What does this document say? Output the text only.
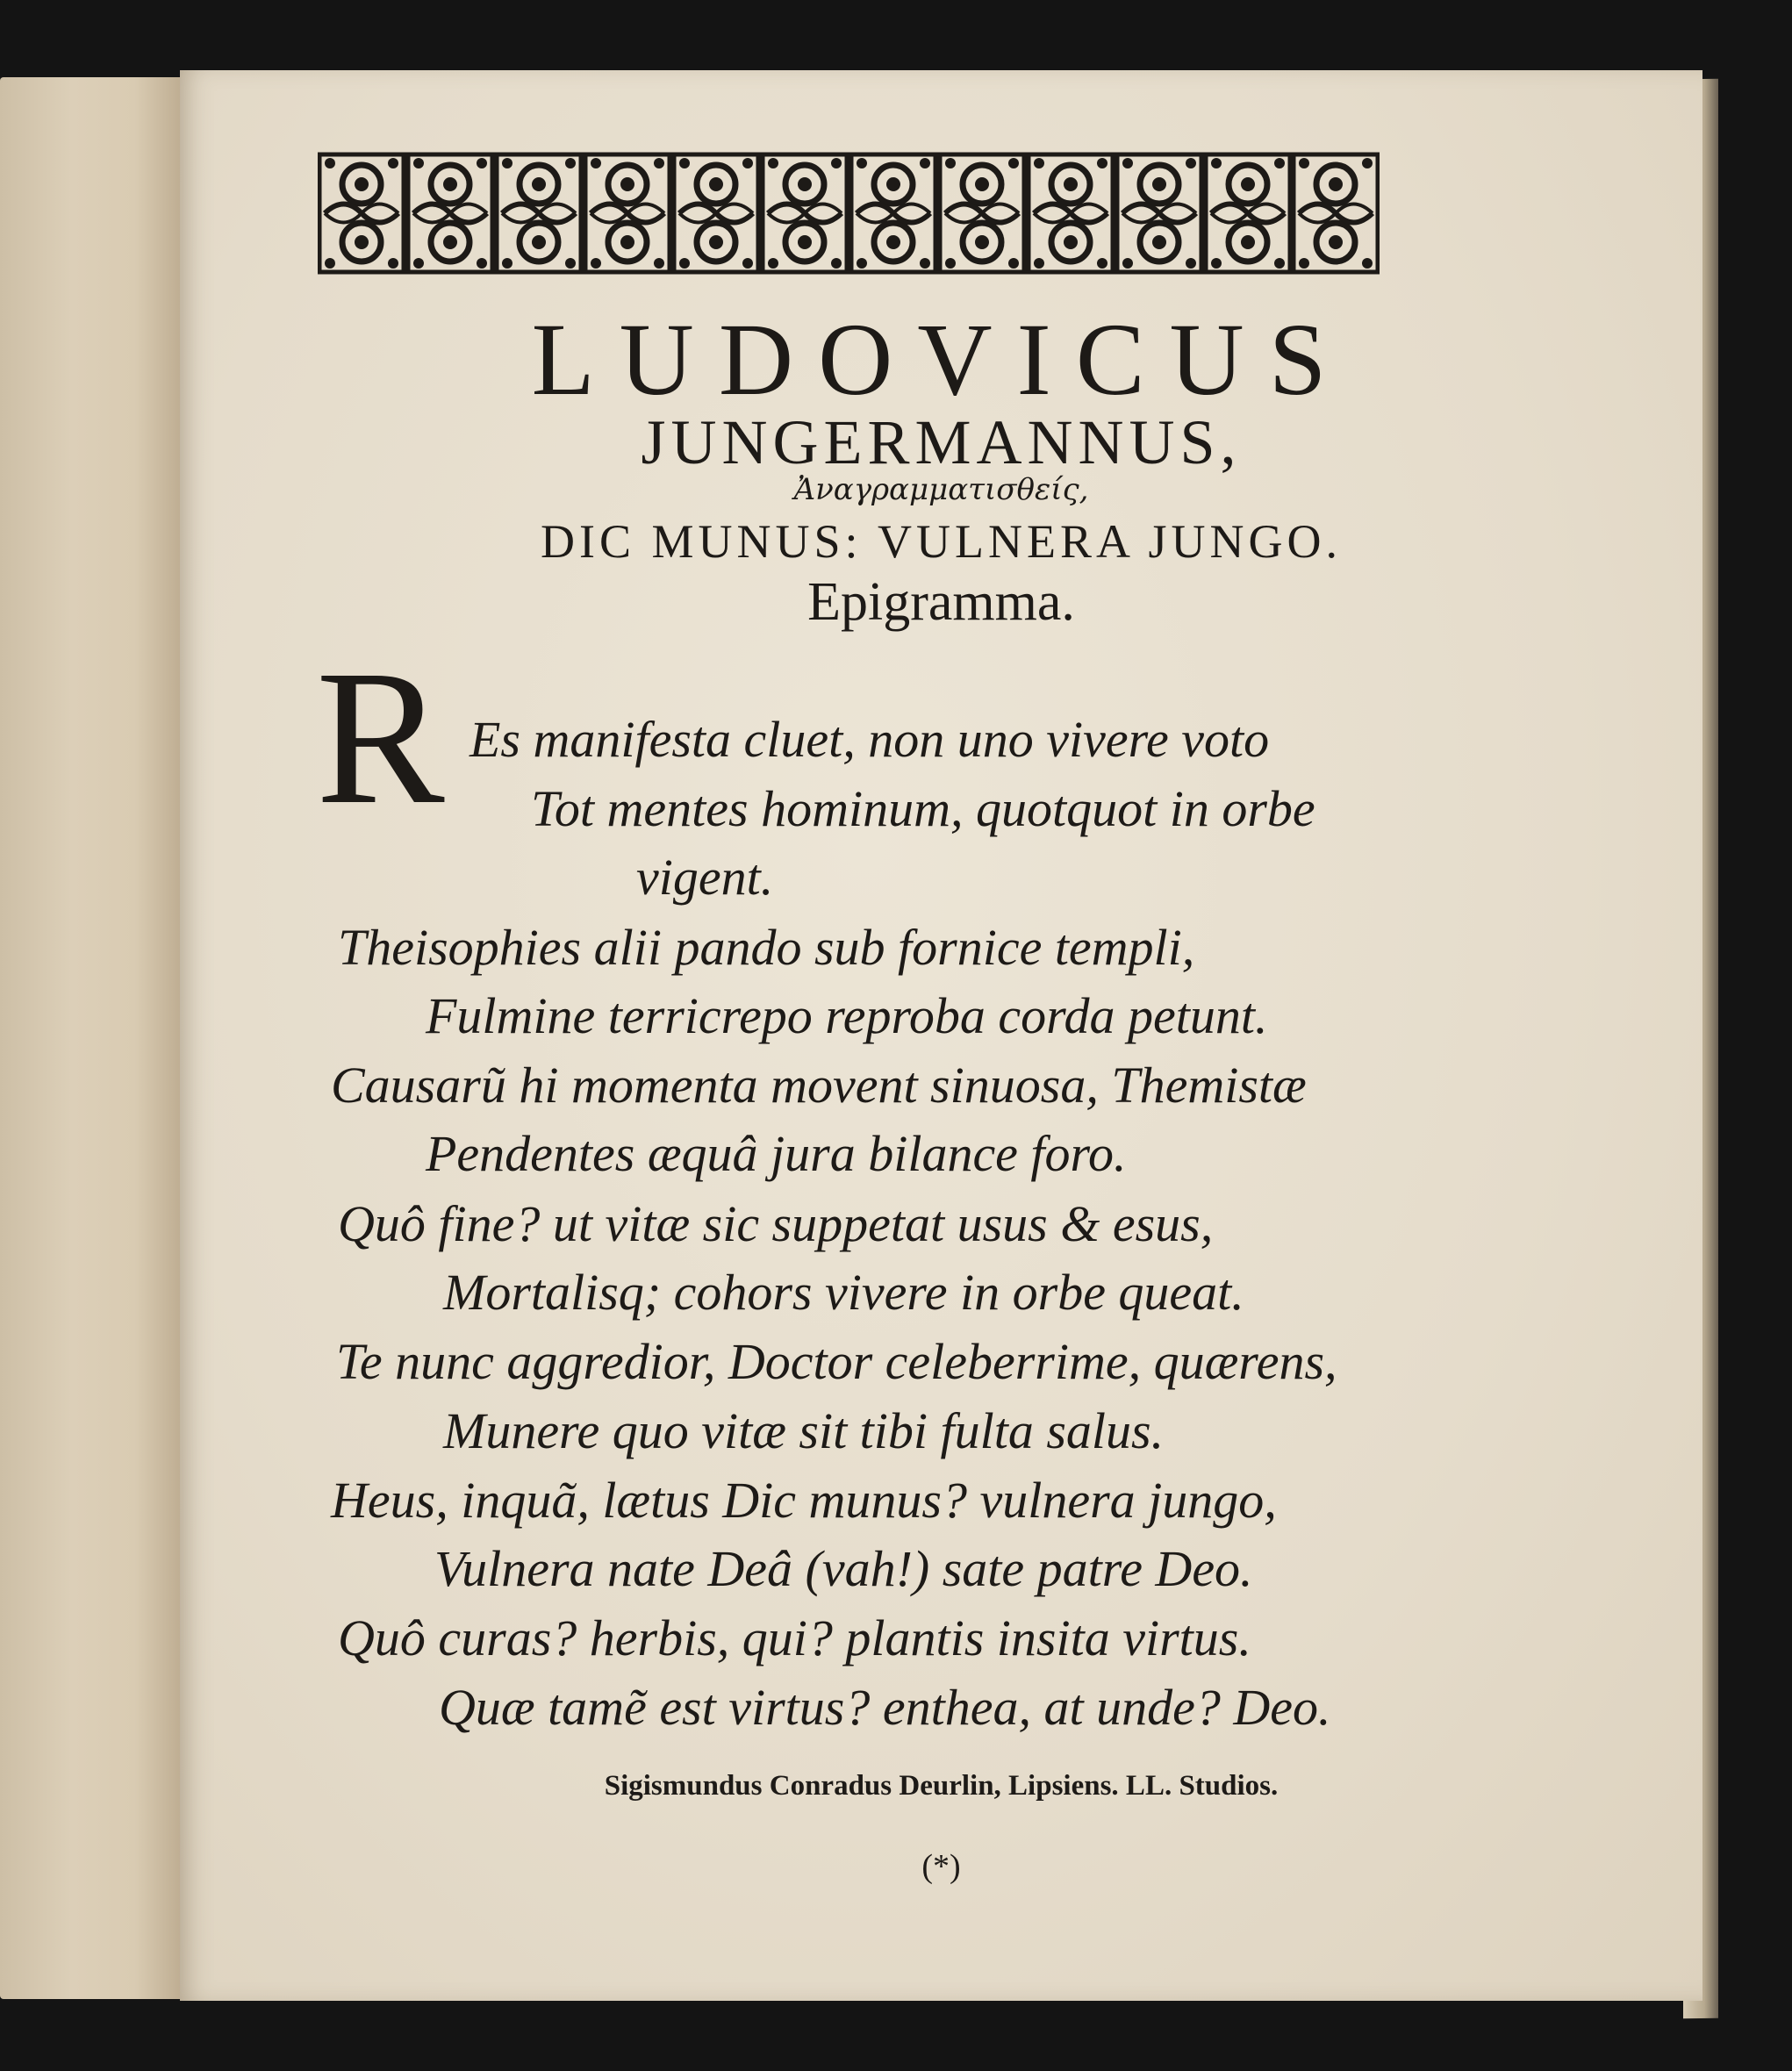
LUDOVICUS
JUNGERMANNUS,
Ἀναγραμματισθείς,
DIC MUNUS: VULNERA JUNGO.
Epigramma.
R Es manifesta cluet, non uno vivere voto
Tot mentes hominum, quotquot in orbe
vigent.
Theisophies alii pando sub fornice templi,
Fulmine terricrepo reproba corda petunt.
Causarũ hi momenta movent sinuosa, Themistæ
Pendentes æquâ jura bilance foro.
Quô fine? ut vitæ sic suppetat usus & esus,
Mortalisq; cohors vivere in orbe queat.
Te nunc aggredior, Doctor celeberrime, quærens,
Munere quo vitæ sit tibi fulta salus.
Heus, inquã, lætus Dic munus? vulnera jungo,
Vulnera nate Deâ (vah!) sate patre Deo.
Quô curas? herbis, qui? plantis insita virtus.
Quæ tamẽ est virtus? enthea, at unde? Deo.
Sigismundus Conradus Deurlin, Lipsiens. LL. Studios.
(*)
